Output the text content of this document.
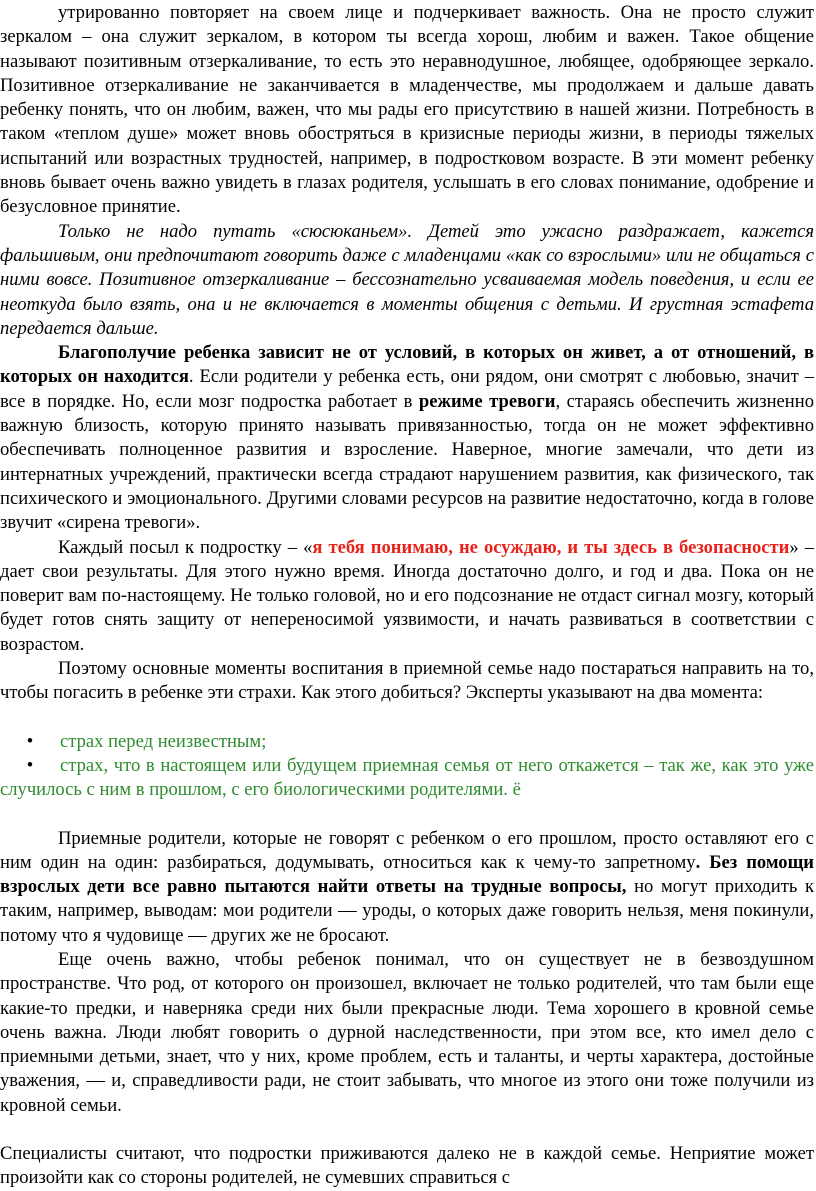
утрированно повторяет на своем лице и подчеркивает важность. Она не просто служит зеркалом – она служит зеркалом, в котором ты всегда хорош, любим и важен. Такое общение называют позитивным отзеркаливание, то есть это неравнодушное, любящее, одобряющее зеркало. Позитивное отзеркаливание не заканчивается в младенчестве, мы продолжаем и дальше давать ребенку понять, что он любим, важен, что мы рады его присутствию в нашей жизни. Потребность в таком «теплом душе» может вновь обостряться в кризисные периоды жизни, в периоды тяжелых испытаний или возрастных трудностей, например, в подростковом возрасте. В эти момент ребенку вновь бывает очень важно увидеть в глазах родителя, услышать в его словах понимание, одобрение и безусловное принятие.

Только не надо путать «сюсюканьем». Детей это ужасно раздражает, кажется фальшивым, они предпочитают говорить даже с младенцами «как со взрослыми» или не общаться с ними вовсе. Позитивное отзеркаливание – бессознательно усваиваемая модель поведения, и если ее неоткуда было взять, она и не включается в моменты общения с детьми. И грустная эстафета передается дальше.

Благополучие ребенка зависит не от условий, в которых он живет, а от отношений, в которых он находится. Если родители у ребенка есть, они рядом, они смотрят с любовью, значит – все в порядке. Но, если мозг подростка работает в режиме тревоги, стараясь обеспечить жизненно важную близость, которую принято называть привязанностью, тогда он не может эффективно обеспечивать полноценное развития и взросление. Наверное, многие замечали, что дети из интернатных учреждений, практически всегда страдают нарушением развития, как физического, так психического и эмоционального. Другими словами ресурсов на развитие недостаточно, когда в голове звучит «сирена тревоги».

Каждый посыл к подростку – «я тебя понимаю, не осуждаю, и ты здесь в безопасности» – дает свои результаты. Для этого нужно время. Иногда достаточно долго, и год и два. Пока он не поверит вам по-настоящему. Не только головой, но и его подсознание не отдаст сигнал мозгу, который будет готов снять защиту от непереносимой уязвимости, и начать развиваться в соответствии с возрастом.

Поэтому основные моменты воспитания в приемной семье надо постараться направить на то, чтобы погасить в ребенке эти страхи. Как этого добиться? Эксперты указывают на два момента:

• страх перед неизвестным;
• страх, что в настоящем или будущем приемная семья от него откажется – так же, как это уже случилось с ним в прошлом, с его биологическими родителями. ё

Приемные родители, которые не говорят с ребенком о его прошлом, просто оставляют его с ним один на один: разбираться, додумывать, относиться как к чему-то запретному. Без помощи взрослых дети все равно пытаются найти ответы на трудные вопросы, но могут приходить к таким, например, выводам: мои родители — уроды, о которых даже говорить нельзя, меня покинули, потому что я чудовище — других же не бросают.

Еще очень важно, чтобы ребенок понимал, что он существует не в безвоздушном пространстве. Что род, от которого он произошел, включает не только родителей, что там были еще какие-то предки, и наверняка среди них были прекрасные люди. Тема хорошего в кровной семье очень важна. Люди любят говорить о дурной наследственности, при этом все, кто имел дело с приемными детьми, знает, что у них, кроме проблем, есть и таланты, и черты характера, достойные уважения, — и, справедливости ради, не стоит забывать, что многое из этого они тоже получили из кровной семьи.

Специалисты считают, что подростки приживаются далеко не в каждой семье. Неприятие может произойти как со стороны родителей, не сумевших справиться с
